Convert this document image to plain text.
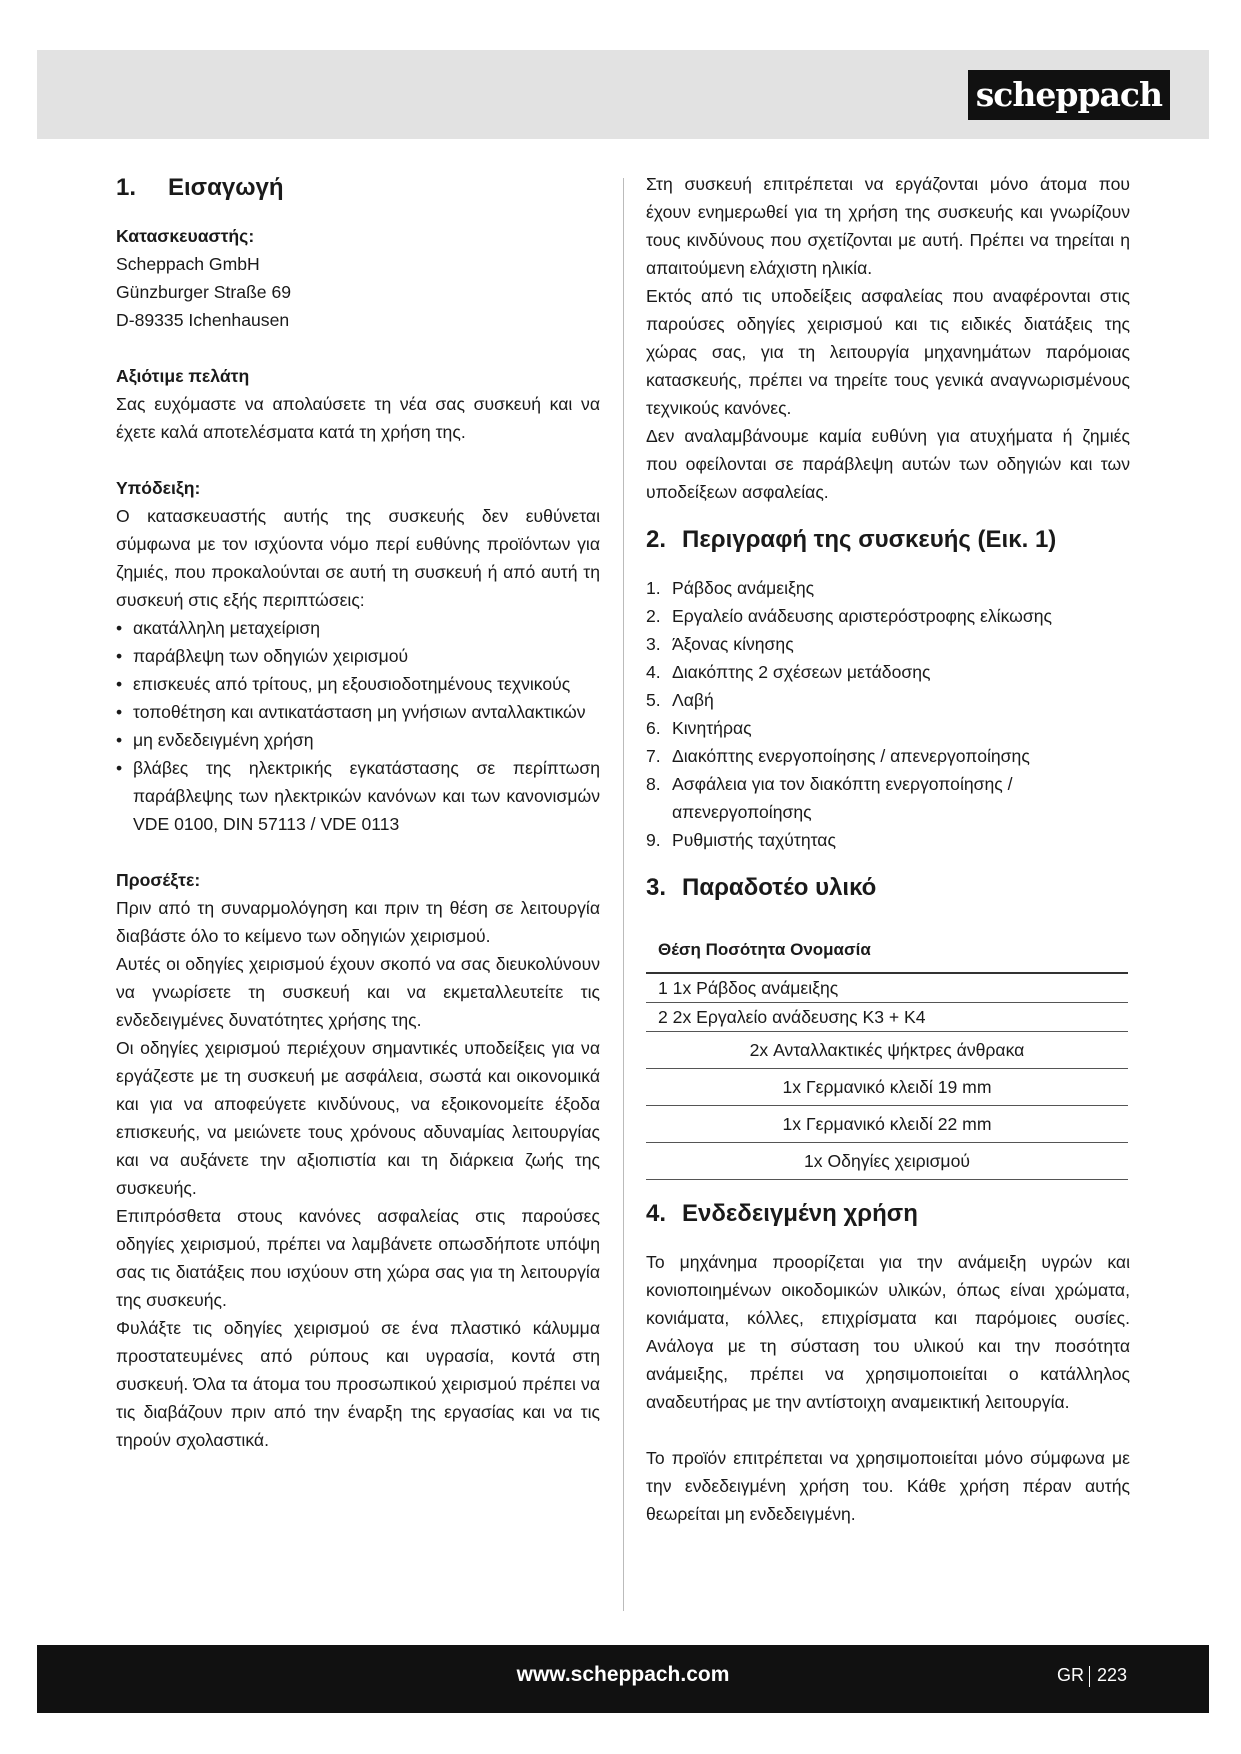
scheppach
1.	Εισαγωγή
Κατασκευαστής:
Scheppach GmbH
Günzburger Straße 69
D-89335 Ichenhausen
Αξιότιμε πελάτη

Σας ευχόμαστε να απολαύσετε τη νέα σας συσκευή και να έχετε καλά αποτελέσματα κατά τη χρήση της.

Υπόδειξη:

Ο κατασκευαστής αυτής της συσκευής δεν ευθύνεται σύμφωνα με τον ισχύοντα νόμο περί ευθύνης προϊόντων για ζημιές, που προκαλούνται σε αυτή τη συσκευή ή από αυτή τη συσκευή στις εξής περιπτώσεις:

• ακατάλληλη μεταχείριση
• παράβλεψη των οδηγιών χειρισμού
• επισκευές από τρίτους, μη εξουσιοδοτημένους τεχνικούς
• τοποθέτηση και αντικατάσταση μη γνήσιων ανταλλακτικών
• μη ενδεδειγμένη χρήση
• βλάβες της ηλεκτρικής εγκατάστασης σε περίπτωση παράβλεψης των ηλεκτρικών κανόνων και των κανονισμών VDE 0100, DIN 57113 / VDE 0113
Προσέξτε:

Πριν από τη συναρμολόγηση και πριν τη θέση σε λειτουργία διαβάστε όλο το κείμενο των οδηγιών χειρισμού.

Αυτές οι οδηγίες χειρισμού έχουν σκοπό να σας διευκολύνουν να γνωρίσετε τη συσκευή και να εκμεταλλευτείτε τις ενδεδειγμένες δυνατότητες χρήσης της.

Οι οδηγίες χειρισμού περιέχουν σημαντικές υποδείξεις για να εργάζεστε με τη συσκευή με ασφάλεια, σωστά και οικονομικά και για να αποφεύγετε κινδύνους, να εξοικονομείτε έξοδα επισκευής, να μειώνετε τους χρόνους αδυναμίας λειτουργίας και να αυξάνετε την αξιοπιστία και τη διάρκεια ζωής της συσκευής.

Επιπρόσθετα στους κανόνες ασφαλείας στις παρούσες οδηγίες χειρισμού, πρέπει να λαμβάνετε οπωσδήποτε υπόψη σας τις διατάξεις που ισχύουν στη χώρα σας για τη λειτουργία της συσκευής.

Φυλάξτε τις οδηγίες χειρισμού σε ένα πλαστικό κάλυμμα προστατευμένες από ρύπους και υγρασία, κοντά στη συσκευή. Όλα τα άτομα του προσωπικού χειρισμού πρέπει να τις διαβάζουν πριν από την έναρξη της εργασίας και να τις τηρούν σχολαστικά.

Στη συσκευή επιτρέπεται να εργάζονται μόνο άτομα που έχουν ενημερωθεί για τη χρήση της συσκευής και γνωρίζουν τους κινδύνους που σχετίζονται με αυτή. Πρέπει να τηρείται η απαιτούμενη ελάχιστη ηλικία.

Εκτός από τις υποδείξεις ασφαλείας που αναφέρονται στις παρούσες οδηγίες χειρισμού και τις ειδικές διατάξεις της χώρας σας, για τη λειτουργία μηχανημάτων παρόμοιας κατασκευής, πρέπει να τηρείτε τους γενικά αναγνωρισμένους τεχνικούς κανόνες.

Δεν αναλαμβάνουμε καμία ευθύνη για ατυχήματα ή ζημιές που οφείλονται σε παράβλεψη αυτών των οδηγιών και των υποδείξεων ασφαλείας.

2. Περιγραφή της συσκευής (Εικ. 1)
1. Ράβδος ανάμειξης
2. Εργαλείο ανάδευσης αριστερόστροφης ελίκωσης
3. Άξονας κίνησης
4. Διακόπτης 2 σχέσεων μετάδοσης
5. Λαβή
6. Κινητήρας
7. Διακόπτης ενεργοποίησης / απενεργοποίησης
8. Ασφάλεια για τον διακόπτη ενεργοποίησης / απενεργοποίησης
9. Ρυθμιστής ταχύτητας
3. Παραδοτέο υλικό
Θέση Ποσότητα Ονομασία
1 1x Ράβδος ανάμειξης
2 2x Εργαλείο ανάδευσης K3 + K4
2x Ανταλλακτικές ψήκτρες άνθρακα
1x Γερμανικό κλειδί 19 mm
1x Γερμανικό κλειδί 22 mm
1x Οδηγίες χειρισμού
4. Ενδεδειγμένη χρήση

Το μηχάνημα προορίζεται για την ανάμειξη υγρών και κονιοποιημένων οικοδομικών υλικών, όπως είναι χρώματα, κονιάματα, κόλλες, επιχρίσματα και παρόμοιες ουσίες. Ανάλογα με τη σύσταση του υλικού και την ποσότητα ανάμειξης, πρέπει να χρησιμοποιείται ο κατάλληλος αναδευτήρας με την αντίστοιχη αναμεικτική λειτουργία.

Το προϊόν επιτρέπεται να χρησιμοποιείται μόνο σύμφωνα με την ενδεδειγμένη χρήση του. Κάθε χρήση πέραν αυτής θεωρείται μη ενδεδειγμένη.

www.scheppach.com	GR 223
